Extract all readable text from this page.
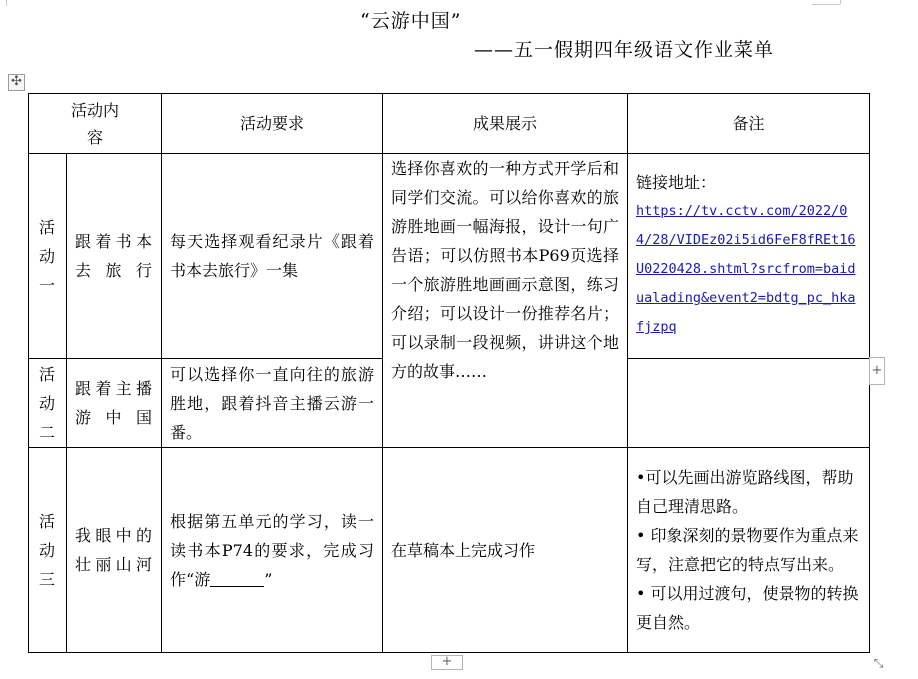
“云游中国”
——五一假期四年级语文作业菜单
✣
活动内容		活动要求	成果展示	备注
活动一	跟着书本去旅行	每天选择观看纪录片《跟着书本去旅行》一集	选择你喜欢的一种方式开学后和同学们交流。可以给你喜欢的旅游胜地画一幅海报，设计一句广告语；可以仿照书本P69页选择一个旅游胜地画画示意图，练习介绍；可以设计一份推荐名片；可以录制一段视频，讲讲这个地方的故事……	链接地址：
https://tv.cctv.com/2022/04/28/VIDEz02i5id6FeF8fREt16U0220428.shtml?srcfrom=baidualading&event2=bdtg_pc_hkafjzpq

活动二	跟着主播游中国	可以选择你一直向往的旅游胜地，跟着抖音主播云游一番。		
活动三	我眼中的壮丽山河	根据第五单元的学习，读一读书本P74的要求，完成习作“游 ”	在草稿本上完成习作	•可以先画出游览路线图，帮助自己理清思路。
• 印象深刻的景物要作为重点来写，注意把它的特点写出来。
• 可以用过渡句，使景物的转换更自然。
+
+	⤡
